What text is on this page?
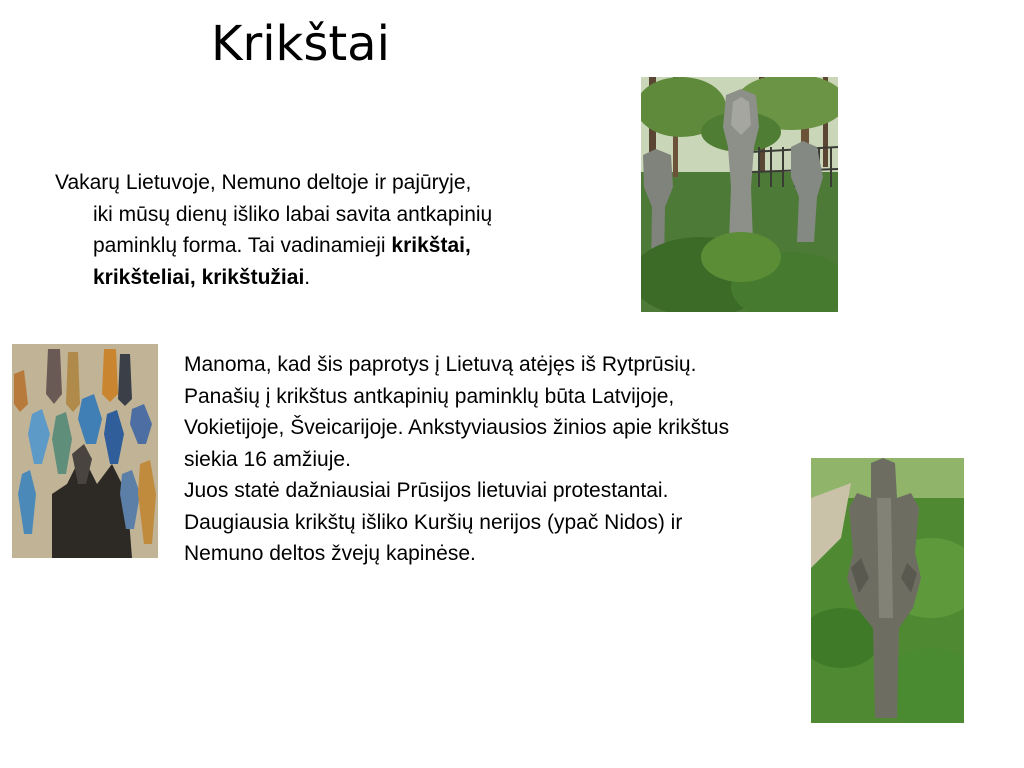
Krikštai

Vakarų Lietuvoje, Nemuno deltoje ir pajūryje,
iki mūsų dienų išliko labai savita antkapinių
paminklų forma. Tai vadinamieji krikštai,
krikšteliai, krikštužiai.

Manoma, kad šis paprotys į Lietuvą atėjęs iš Rytprūsių.
Panašių į krikštus antkapinių paminklų būta Latvijoje,
Vokietijoje, Šveicarijoje. Ankstyviausios žinios apie krikštus
siekia 16 amžiuje.
Juos statė dažniausiai Prūsijos lietuviai protestantai.
Daugiausia krikštų išliko Kuršių nerijos (ypač Nidos) ir
Nemuno deltos žvejų kapinėse.
